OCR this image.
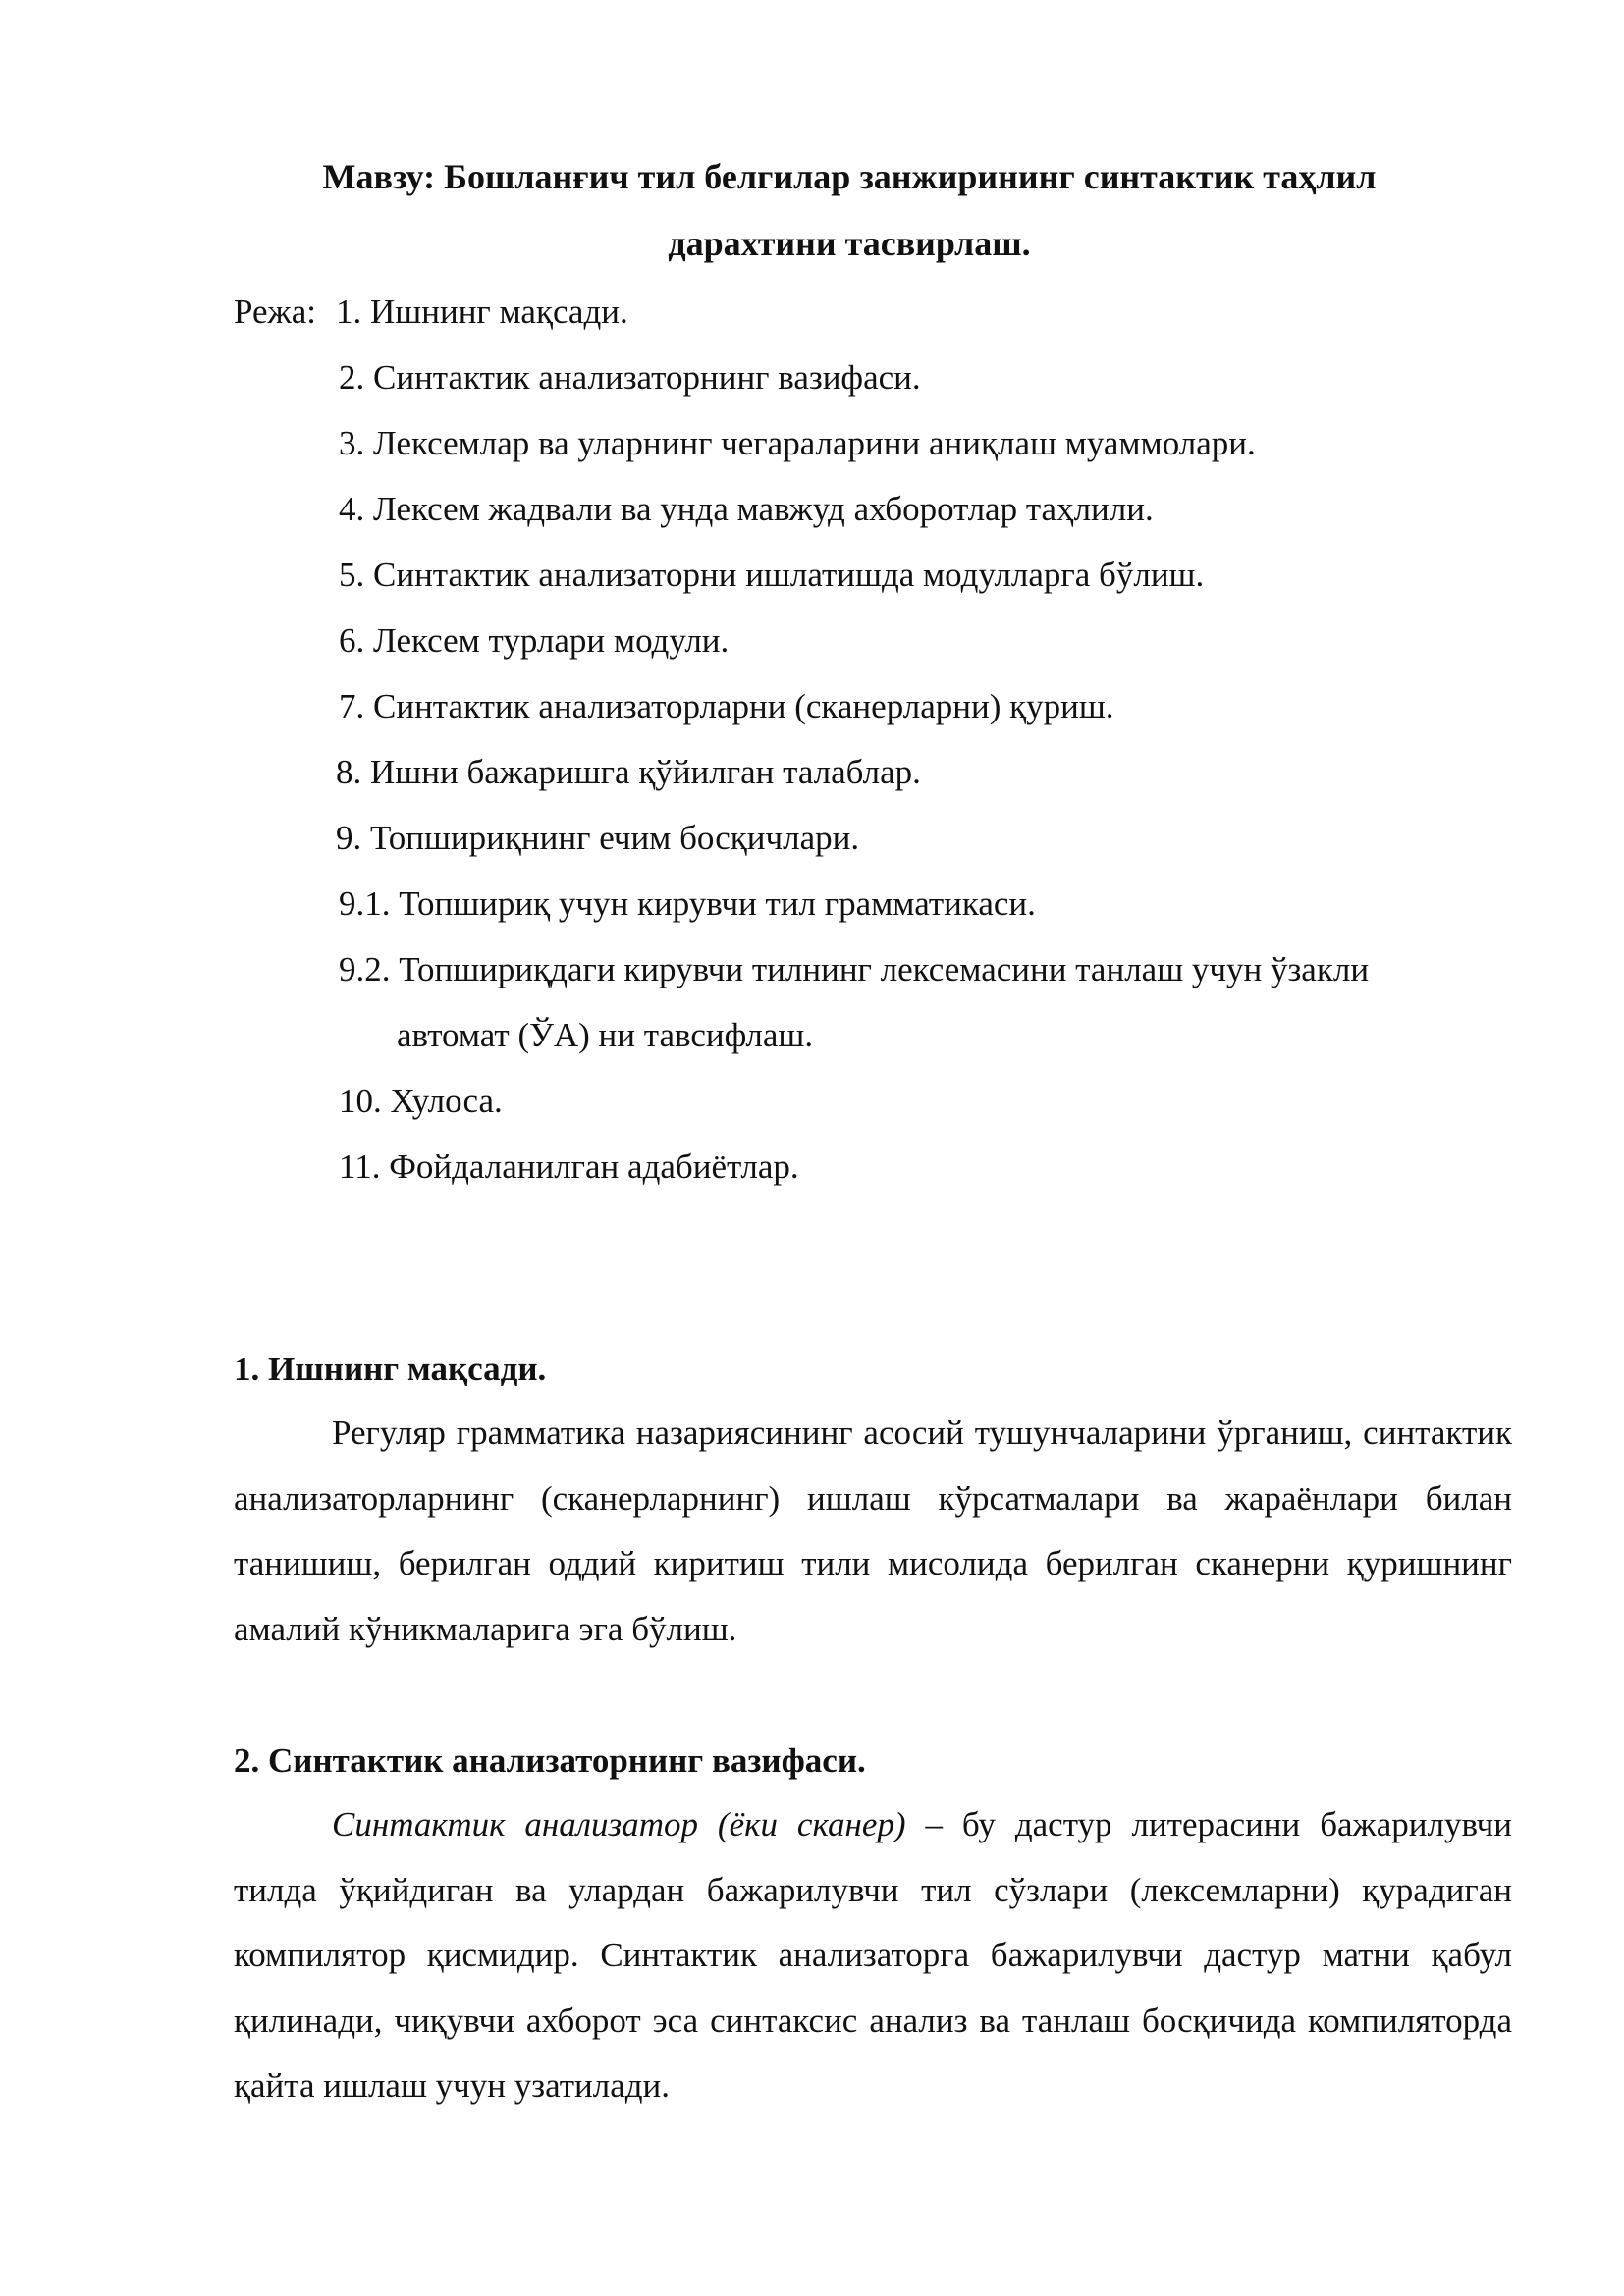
Мавзу: Бошланғич тил белгилар занжирининг синтактик таҳлил
дарахтини тасвирлаш.
Режа: 1. Ишнинг мақсади.
2. Синтактик анализаторнинг вазифаси.
3. Лексемлар ва уларнинг чегараларини аниқлаш муаммолари.
4. Лексем жадвали ва унда мавжуд ахборотлар таҳлили.
5. Синтактик анализаторни ишлатишда модулларга бўлиш.
6. Лексем турлари модули.
7. Синтактик анализаторларни (сканерларни) қуриш.
8. Ишни бажаришга қўйилган талаблар.
9. Топшириқнинг ечим босқичлари.
9.1. Топшириқ учун кирувчи тил грамматикаси.
9.2. Топшириқдаги кирувчи тилнинг лексемасини танлаш учун ўзакли
автомат (ЎА) ни тавсифлаш.
10. Хулоса.
11. Фойдаланилган адабиётлар.
1. Ишнинг мақсади.

Регуляр грамматика назариясининг асосий тушунчаларини ўрганиш, синтактик анализаторларнинг (сканерларнинг) ишлаш кўрсатмалари ва жараёнлари билан танишиш, берилган оддий киритиш тили мисолида берилган сканерни қуришнинг амалий кўникмаларига эга бўлиш.

2. Синтактик анализаторнинг вазифаси.

Синтактик анализатор (ёки сканер) – бу дастур литерасини бажарилувчи тилда ўқийдиган ва улардан бажарилувчи тил сўзлари (лексемларни) қурадиган компилятор қисмидир. Синтактик анализаторга бажарилувчи дастур матни қабул қилинади, чиқувчи ахборот эса синтаксис анализ ва танлаш босқичида компиляторда қайта ишлаш учун узатилади.
